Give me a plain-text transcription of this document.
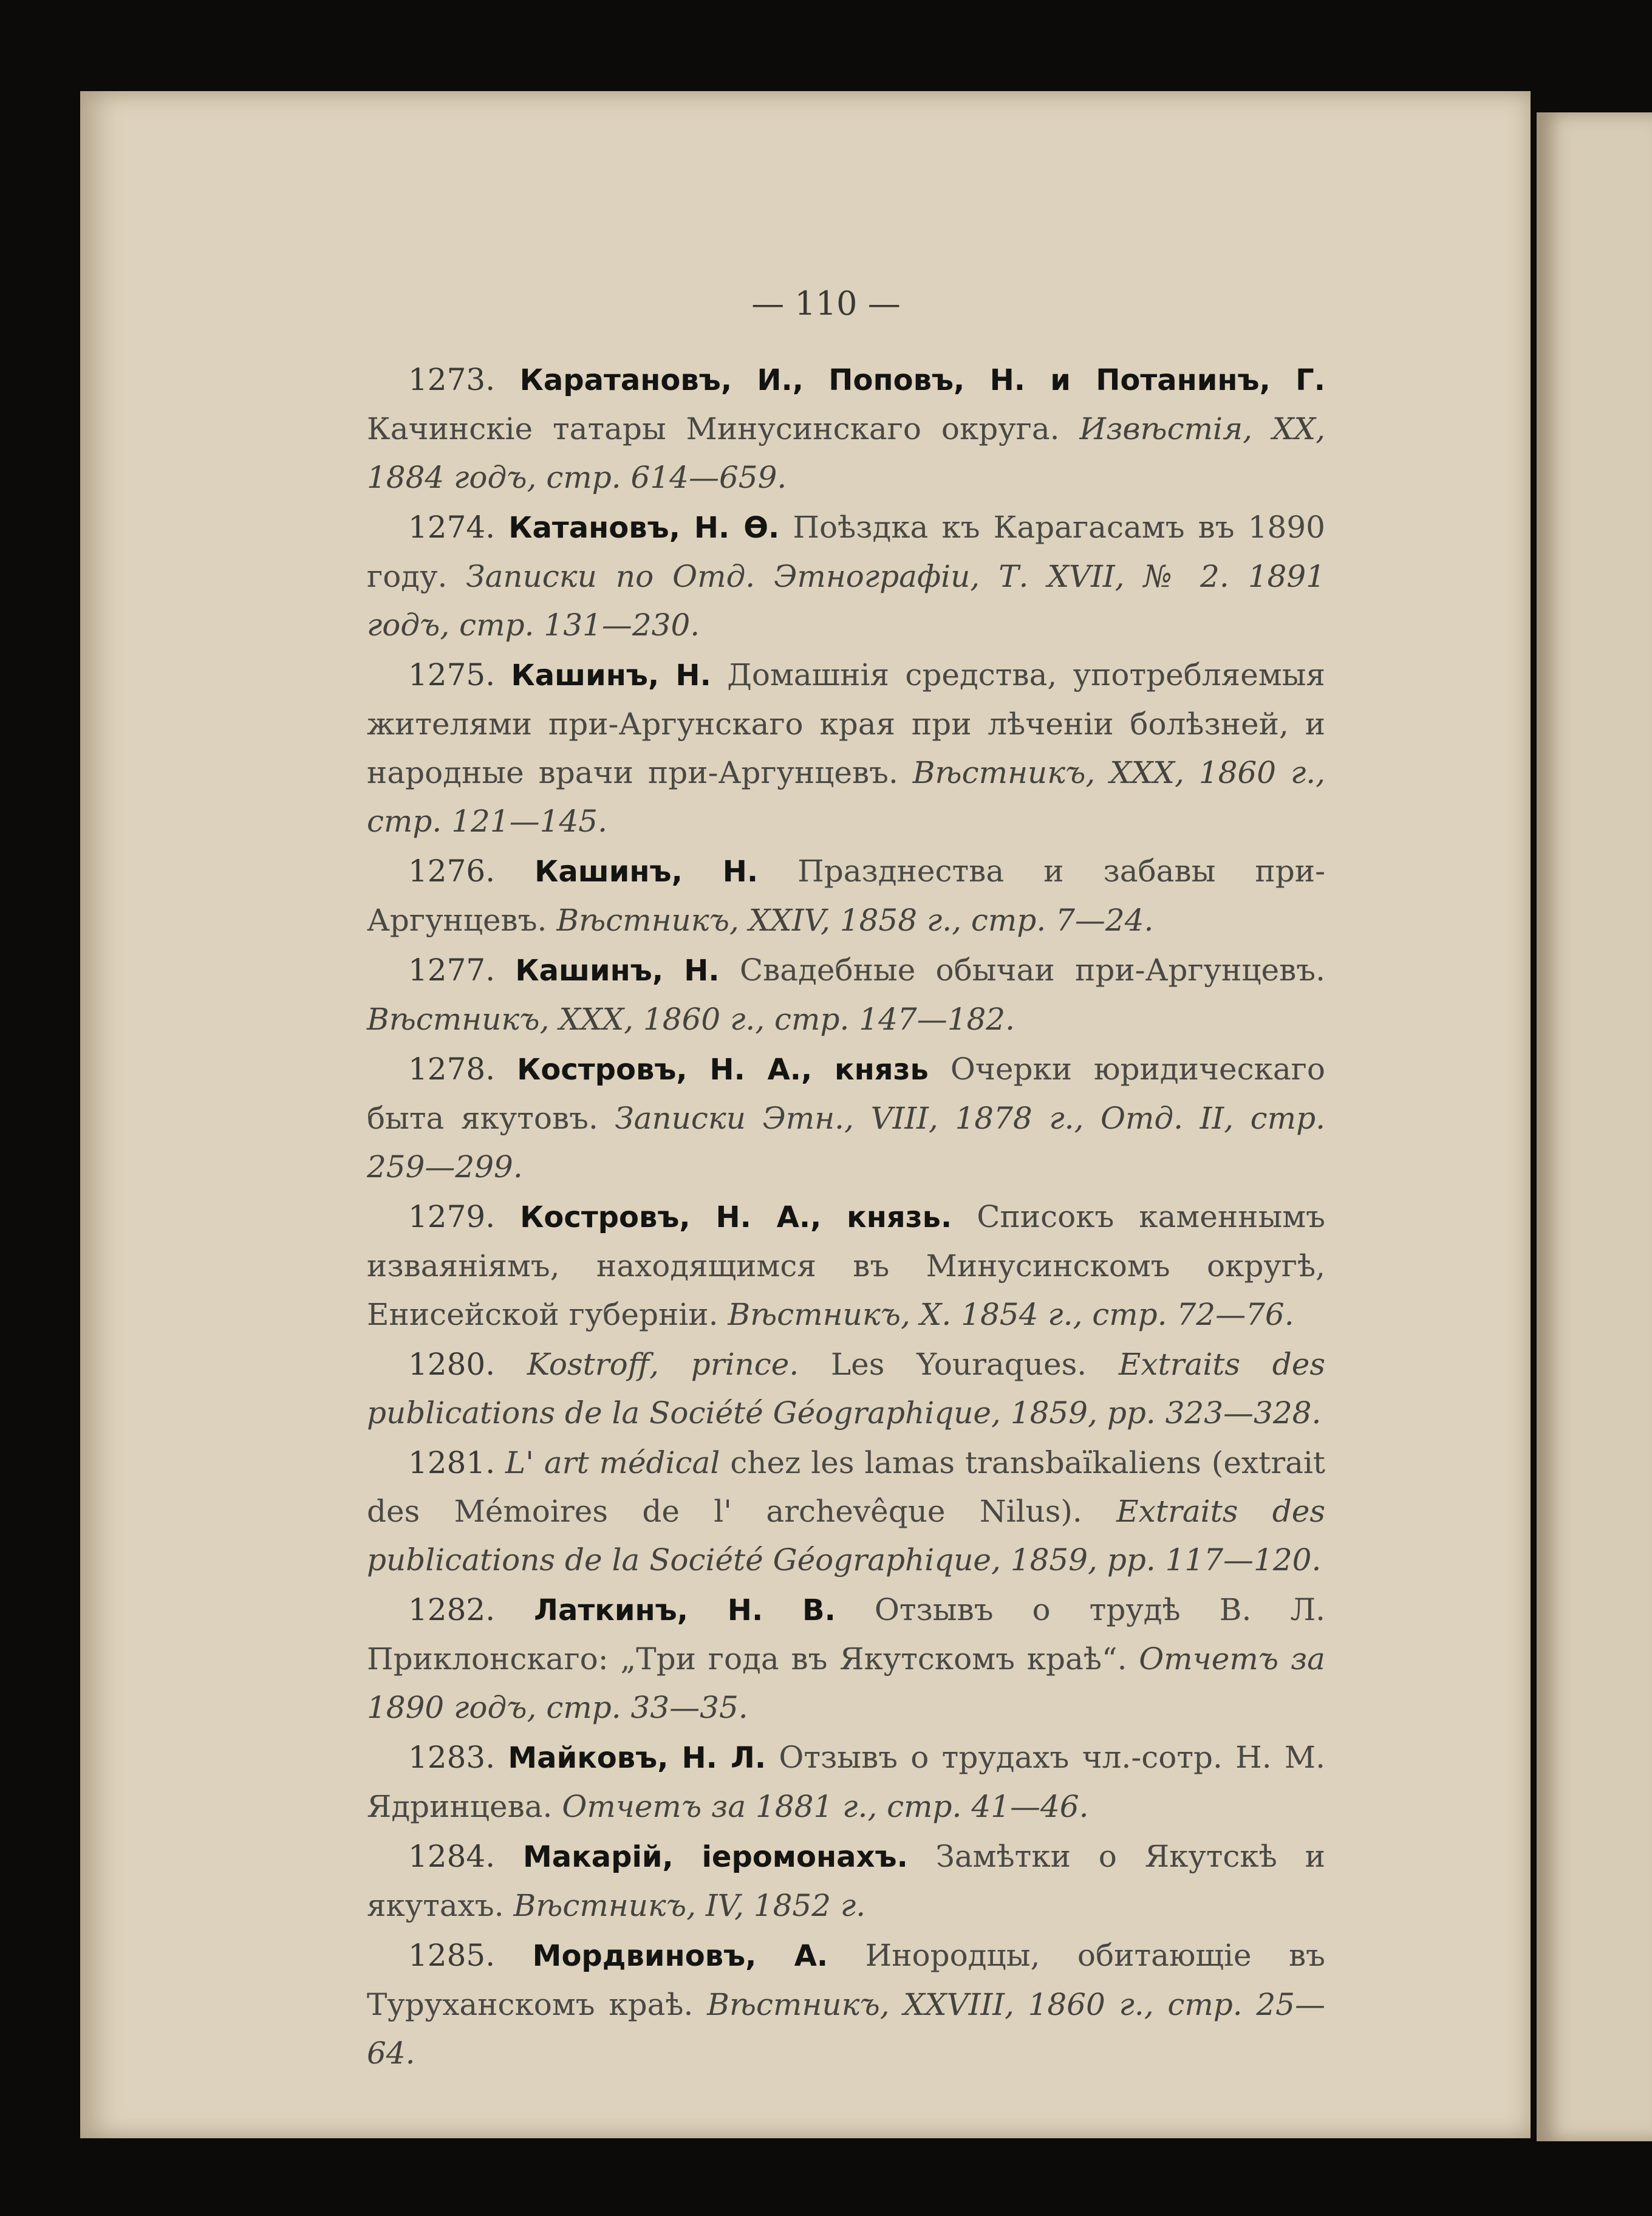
— 110 —

1273. Каратановъ, И., Поповъ, Н. и Потанинъ, Г. Качинскіе татары Минусинскаго округа. Извѣстія, XX, 1884 годъ, стр. 614—659.

1274. Катановъ, Н. Ѳ. Поѣздка къ Карагасамъ въ 1890 году. Записки по Отд. Этнографіи, Т. XVII, № 2. 1891 годъ, стр. 131—230.

1275. Кашинъ, Н. Домашнія средства, употребляемыя жителями при-Аргунскаго края при лѣченіи болѣзней, и народные врачи при-Аргунцевъ. Вѣстникъ, XXX, 1860 г., стр. 121—145.

1276. Кашинъ, Н. Празднества и забавы при-Аргунцевъ. Вѣстникъ, XXIV, 1858 г., стр. 7—24.

1277. Кашинъ, Н. Свадебные обычаи при-Аргунцевъ. Вѣстникъ, XXX, 1860 г., стр. 147—182.

1278. Костровъ, Н. А., князь Очерки юридическаго быта якутовъ. Записки Этн., VIII, 1878 г., Отд. II, стр. 259—299.

1279. Костровъ, Н. А., князь. Списокъ каменнымъ изваяніямъ, находящимся въ Минусинскомъ округѣ, Енисейской губерніи. Вѣстникъ, X. 1854 г., стр. 72—76.

1280. Kostroff, prince. Les Youraques. Extraits des publications de la Société Géographique, 1859, pp. 323—328.

1281. L' art médical chez les lamas transbaïkaliens (extrait des Mémoires de l' archevêque Nilus). Extraits des publications de la Société Géographique, 1859, pp. 117—120.

1282. Латкинъ, Н. В. Отзывъ о трудѣ В. Л. Приклонскаго: „Три года въ Якутскомъ краѣ“. Отчетъ за 1890 годъ, стр. 33—35.

1283. Майковъ, Н. Л. Отзывъ о трудахъ чл.-сотр. Н. М. Ядринцева. Отчетъ за 1881 г., стр. 41—46.

1284. Макарій, іеромонахъ. Замѣтки о Якутскѣ и якутахъ. Вѣстникъ, IV, 1852 г.

1285. Мордвиновъ, А. Инородцы, обитающіе въ Туруханскомъ краѣ. Вѣстникъ, XXVIII, 1860 г., стр. 25—64.
